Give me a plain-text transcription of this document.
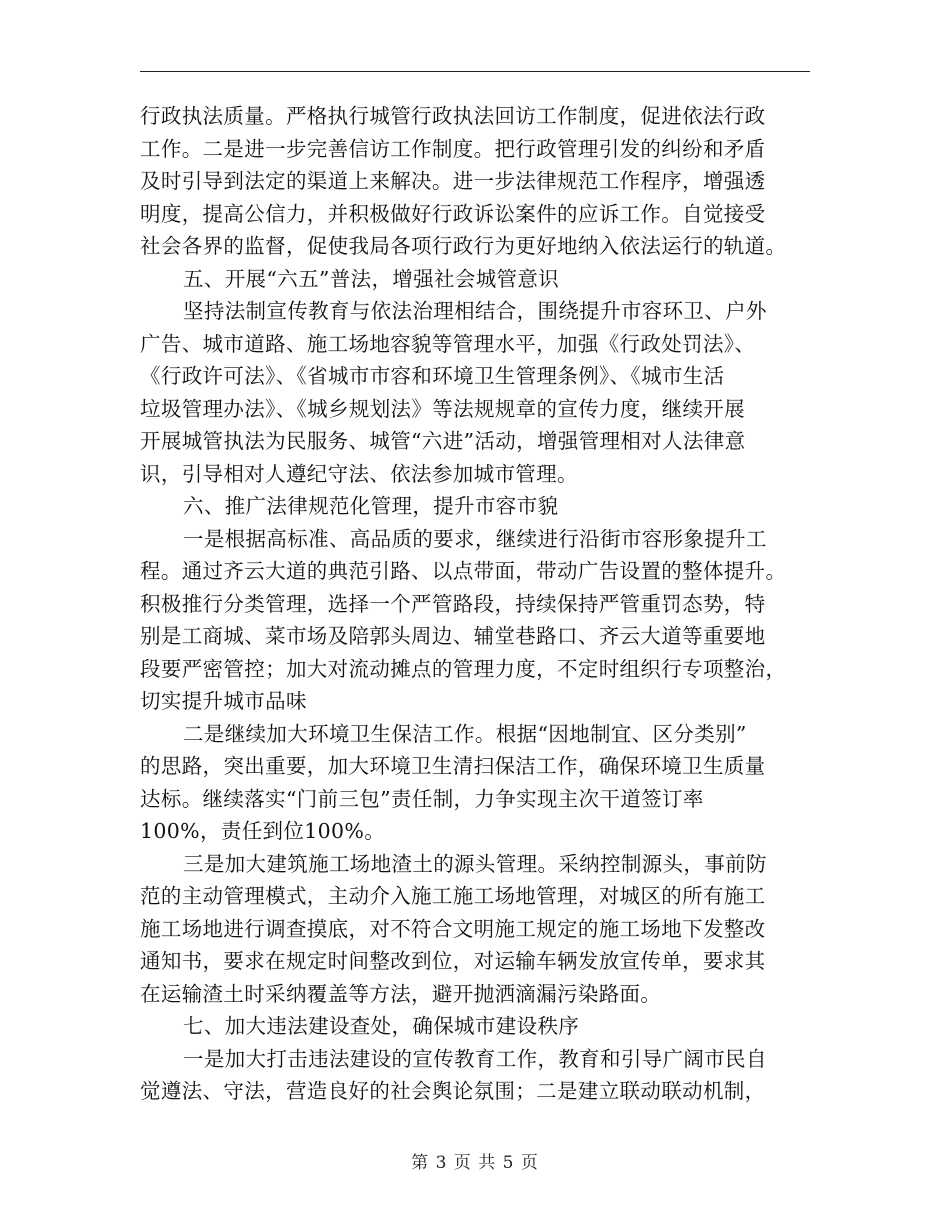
行政执法质量。严格执行城管行政执法回访工作制度，促进依法行政
工作。二是进一步完善信访工作制度。把行政管理引发的纠纷和矛盾
及时引导到法定的渠道上来解决。进一步法律规范工作程序，增强透
明度，提高公信力，并积极做好行政诉讼案件的应诉工作。自觉接受
社会各界的监督，促使我局各项行政行为更好地纳入依法运行的轨道。
五、开展“六五”普法，增强社会城管意识
坚持法制宣传教育与依法治理相结合，围绕提升市容环卫、户外
广告、城市道路、施工场地容貌等管理水平，加强《行政处罚法》、
《行政许可法》、《省城市市容和环境卫生管理条例》、《城市生活
垃圾管理办法》、《城乡规划法》等法规规章的宣传力度，继续开展
开展城管执法为民服务、城管“六进”活动，增强管理相对人法律意
识，引导相对人遵纪守法、依法参加城市管理。
六、推广法律规范化管理，提升市容市貌
一是根据高标准、高品质的要求，继续进行沿街市容形象提升工
程。通过齐云大道的典范引路、以点带面，带动广告设置的整体提升。
积极推行分类管理，选择一个严管路段，持续保持严管重罚态势，特
别是工商城、菜市场及陪郭头周边、辅堂巷路口、齐云大道等重要地
段要严密管控；加大对流动摊点的管理力度，不定时组织行专项整治，
切实提升城市品味
二是继续加大环境卫生保洁工作。根据“因地制宜、区分类别”
的思路，突出重要，加大环境卫生清扫保洁工作，确保环境卫生质量
达标。继续落实“门前三包”责任制，力争实现主次干道签订率
100%，责任到位100%。
三是加大建筑施工场地渣土的源头管理。采纳控制源头，事前防
范的主动管理模式，主动介入施工施工场地管理，对城区的所有施工
施工场地进行调查摸底，对不符合文明施工规定的施工场地下发整改
通知书，要求在规定时间整改到位，对运输车辆发放宣传单，要求其
在运输渣土时采纳覆盖等方法，避开抛洒滴漏污染路面。
七、加大违法建设查处，确保城市建设秩序
一是加大打击违法建设的宣传教育工作，教育和引导广阔市民自
觉遵法、守法，营造良好的社会舆论氛围；二是建立联动联动机制，
第 3 页 共 5 页
